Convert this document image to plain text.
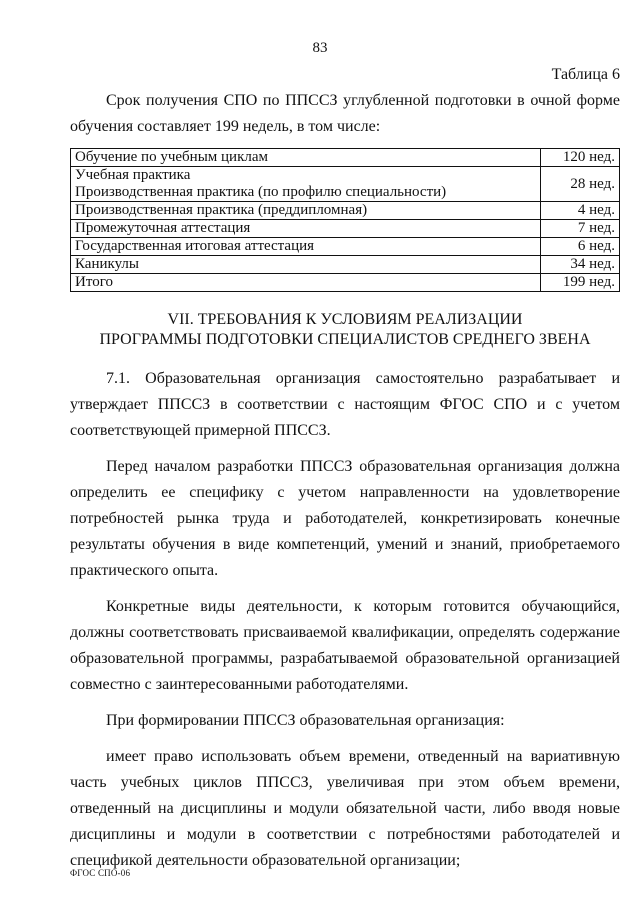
83
Таблица 6

Срок получения СПО по ППССЗ углубленной подготовки в очной форме обучения составляет 199 недель, в том числе:

Обучение по учебным циклам	120 нед.

Учебная практика
Производственная практика (по профилю специальности)	28 нед.
Производственная практика (преддипломная)	4 нед.
Промежуточная аттестация	7 нед.
Государственная итоговая аттестация	6 нед.
Каникулы	34 нед.
Итого	199 нед.
VII. ТРЕБОВАНИЯ К УСЛОВИЯМ РЕАЛИЗАЦИИ
ПРОГРАММЫ ПОДГОТОВКИ СПЕЦИАЛИСТОВ СРЕДНЕГО ЗВЕНА

7.1. Образовательная организация самостоятельно разрабатывает и утверждает ППССЗ в соответствии с настоящим ФГОС СПО и с учетом соответствующей примерной ППССЗ.

Перед началом разработки ППССЗ образовательная организация должна определить ее специфику с учетом направленности на удовлетворение потребностей рынка труда и работодателей, конкретизировать конечные результаты обучения в виде компетенций, умений и знаний, приобретаемого практического опыта.

Конкретные виды деятельности, к которым готовится обучающийся, должны соответствовать присваиваемой квалификации, определять содержание образовательной программы, разрабатываемой образовательной организацией совместно с заинтересованными работодателями.

При формировании ППССЗ образовательная организация:

имеет право использовать объем времени, отведенный на вариативную часть учебных циклов ППССЗ, увеличивая при этом объем времени, отведенный на дисциплины и модули обязательной части, либо вводя новые дисциплины и модули в соответствии с потребностями работодателей и спецификой деятельности образовательной организации;

ФГОС СПО-06
